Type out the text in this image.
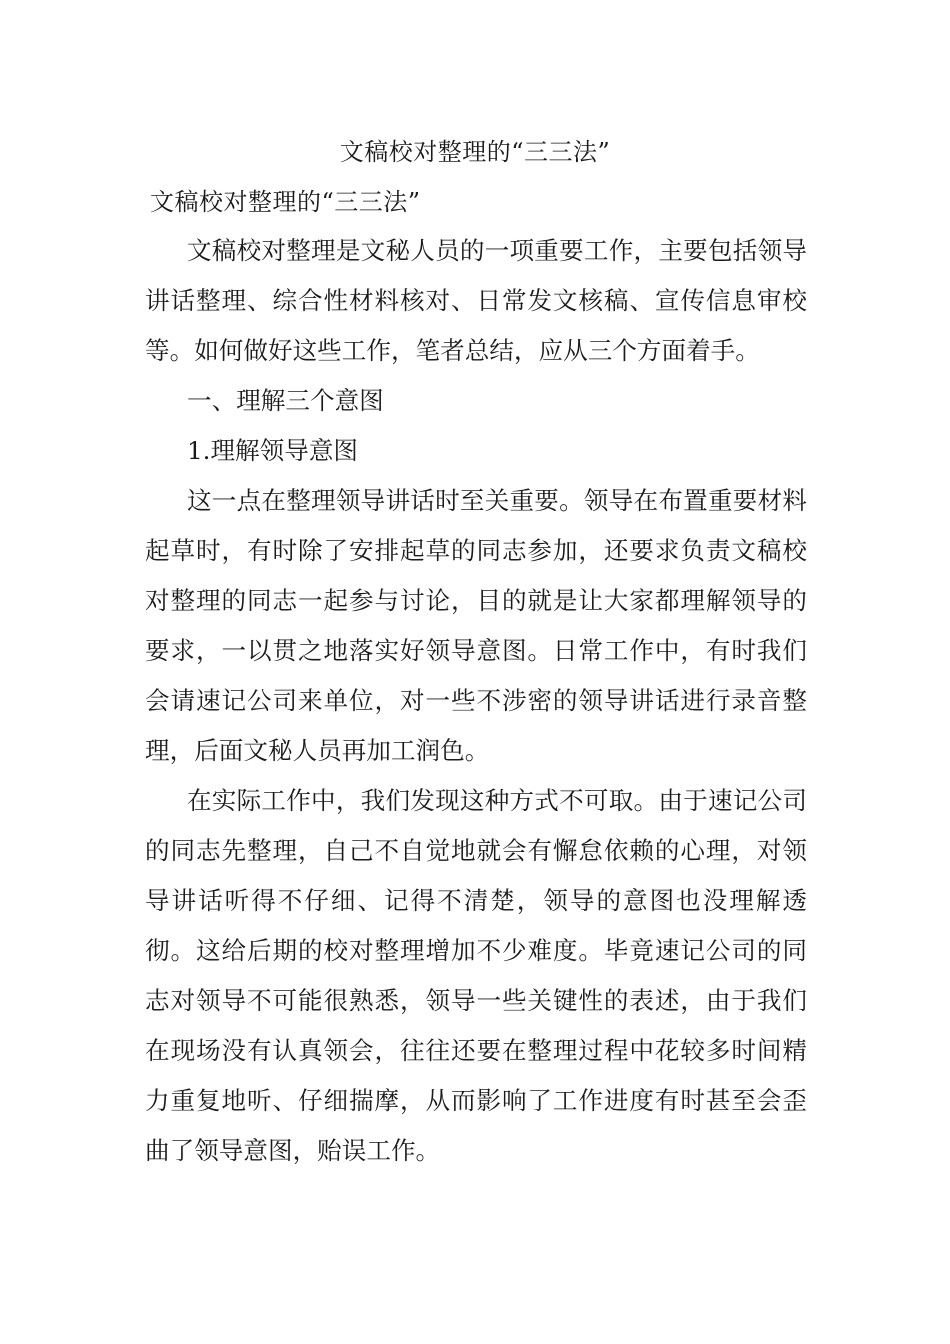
文稿校对整理的“三三法”
文稿校对整理的“三三法”

文稿校对整理是文秘人员的一项重要工作，主要包括领导讲话整理、综合性材料核对、日常发文核稿、宣传信息审校等。如何做好这些工作，笔者总结，应从三个方面着手。

一、理解三个意图

1.理解领导意图

这一点在整理领导讲话时至关重要。领导在布置重要材料起草时，有时除了安排起草的同志参加，还要求负责文稿校对整理的同志一起参与讨论，目的就是让大家都理解领导的要求，一以贯之地落实好领导意图。日常工作中，有时我们会请速记公司来单位，对一些不涉密的领导讲话进行录音整理，后面文秘人员再加工润色。

在实际工作中，我们发现这种方式不可取。由于速记公司的同志先整理，自己不自觉地就会有懈怠依赖的心理，对领导讲话听得不仔细、记得不清楚，领导的意图也没理解透彻。这给后期的校对整理增加不少难度。毕竟速记公司的同志对领导不可能很熟悉，领导一些关键性的表述，由于我们在现场没有认真领会，往往还要在整理过程中花较多时间精力重复地听、仔细揣摩，从而影响了工作进度有时甚至会歪曲了领导意图，贻误工作。
